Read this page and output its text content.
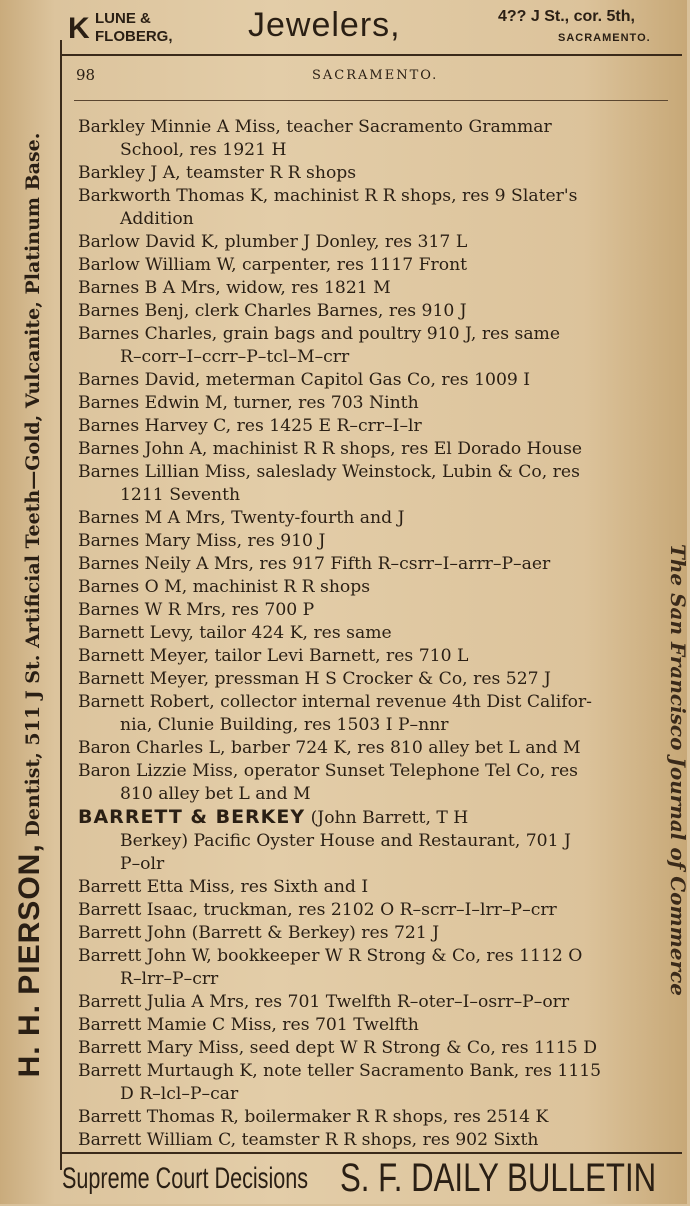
K LUNE &
FLOBERG, Jewelers,	4?? J St., cor. 5th,
SACRAMENTO.
H. H. PIERSON, Dentist, 511 J St. Artificial Teeth—Gold, Vulcanite, Platinum Base.	The San Francisco Journal of Commerce
98	SACRAMENTO.
Barkley Minnie A Miss, teacher Sacramento Grammar
School, res 1921 H
Barkley J A, teamster R R shops
Barkworth Thomas K, machinist R R shops, res 9 Slater's
Addition
Barlow David K, plumber J Donley, res 317 L
Barlow William W, carpenter, res 1117 Front
Barnes B A Mrs, widow, res 1821 M
Barnes Benj, clerk Charles Barnes, res 910 J
Barnes Charles, grain bags and poultry 910 J, res same
R–corr–I–ccrr–P–tcl–M–crr
Barnes David, meterman Capitol Gas Co, res 1009 I
Barnes Edwin M, turner, res 703 Ninth
Barnes Harvey C, res 1425 E R–crr–I–lr
Barnes John A, machinist R R shops, res El Dorado House
Barnes Lillian Miss, saleslady Weinstock, Lubin & Co, res
1211 Seventh
Barnes M A Mrs, Twenty-fourth and J
Barnes Mary Miss, res 910 J
Barnes Neily A Mrs, res 917 Fifth R–csrr–I–arrr–P–aer
Barnes O M, machinist R R shops
Barnes W R Mrs, res 700 P
Barnett Levy, tailor 424 K, res same
Barnett Meyer, tailor Levi Barnett, res 710 L
Barnett Meyer, pressman H S Crocker & Co, res 527 J
Barnett Robert, collector internal revenue 4th Dist Califor-
nia, Clunie Building, res 1503 I P–nnr
Baron Charles L, barber 724 K, res 810 alley bet L and M
Baron Lizzie Miss, operator Sunset Telephone Tel Co, res
810 alley bet L and M
BARRETT & BERKEY (John Barrett, T H
Berkey) Pacific Oyster House and Restaurant, 701 J
P–olr
Barrett Etta Miss, res Sixth and I
Barrett Isaac, truckman, res 2102 O R–scrr–I–lrr–P–crr
Barrett John (Barrett & Berkey) res 721 J
Barrett John W, bookkeeper W R Strong & Co, res 1112 O
R–lrr–P–crr
Barrett Julia A Mrs, res 701 Twelfth R–oter–I–osrr–P–orr
Barrett Mamie C Miss, res 701 Twelfth
Barrett Mary Miss, seed dept W R Strong & Co, res 1115 D
Barrett Murtaugh K, note teller Sacramento Bank, res 1115
D R–lcl–P–car
Barrett Thomas R, boilermaker R R shops, res 2514 K
Barrett William C, teamster R R shops, res 902 Sixth
Supreme Court Decisions S. F. DAILY BULLETIN
